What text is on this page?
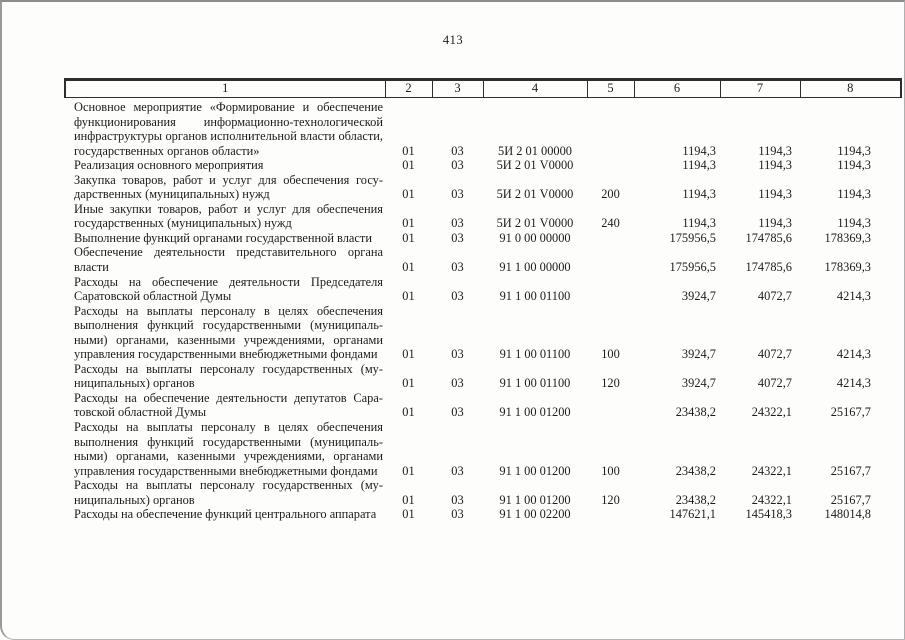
413
1	2	3	4	5	6	7	8
Основное мероприятие «Формирование и обеспечение функционирования информационно-технологической инфраструктуры органов исполнительной власти области, государственных органов области»	01	03	5И 2 01 00000		1194,3	1194,3	1194,3
Реализация основного мероприятия	01	03	5И 2 01 V0000		1194,3	1194,3	1194,3
Закупка товаров, работ и услуг для обеспечения государственных (муниципальных) нужд	01	03	5И 2 01 V0000	200	1194,3	1194,3	1194,3
Иные закупки товаров, работ и услуг для обеспечения государственных (муниципальных) нужд	01	03	5И 2 01 V0000	240	1194,3	1194,3	1194,3
Выполнение функций органами государственной власти	01	03	91 0 00 00000		175956,5	174785,6	178369,3
Обеспечение деятельности представительного органа власти	01	03	91 1 00 00000		175956,5	174785,6	178369,3
Расходы на обеспечение деятельности Председателя Саратовской областной Думы	01	03	91 1 00 01100		3924,7	4072,7	4214,3
Расходы на выплаты персоналу в целях обеспечения выполнения функций государственными (муниципальными) органами, казенными учреждениями, органами управления государственными внебюджетными фондами	01	03	91 1 00 01100	100	3924,7	4072,7	4214,3
Расходы на выплаты персоналу государственных (муниципальных) органов	01	03	91 1 00 01100	120	3924,7	4072,7	4214,3
Расходы на обеспечение деятельности депутатов Саратовской областной Думы	01	03	91 1 00 01200		23438,2	24322,1	25167,7
Расходы на выплаты персоналу в целях обеспечения выполнения функций государственными (муниципальными) органами, казенными учреждениями, органами управления государственными внебюджетными фондами	01	03	91 1 00 01200	100	23438,2	24322,1	25167,7
Расходы на выплаты персоналу государственных (муниципальных) органов	01	03	91 1 00 01200	120	23438,2	24322,1	25167,7
Расходы на обеспечение функций центрального аппарата	01	03	91 1 00 02200		147621,1	145418,3	148014,8
